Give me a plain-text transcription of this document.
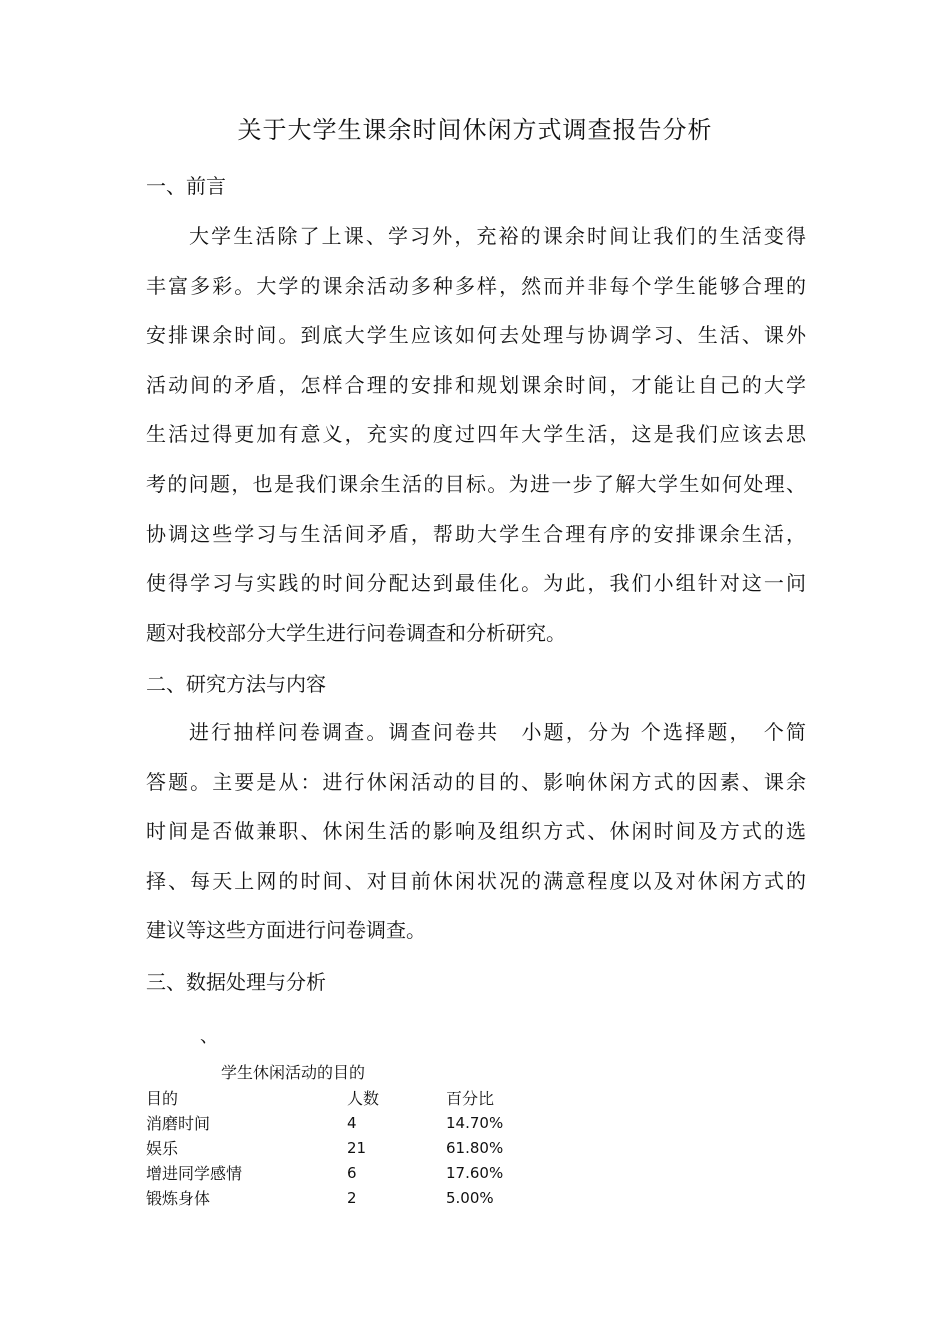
关于大学生课余时间休闲方式调查报告分析
一、前言
大学生活除了上课、学习外，充裕的课余时间让我们的生活变得
丰富多彩。大学的课余活动多种多样，然而并非每个学生能够合理的
安排课余时间。到底大学生应该如何去处理与协调学习、生活、课外
活动间的矛盾，怎样合理的安排和规划课余时间，才能让自己的大学
生活过得更加有意义，充实的度过四年大学生活，这是我们应该去思
考的问题，也是我们课余生活的目标。为进一步了解大学生如何处理、
协调这些学习与生活间矛盾，帮助大学生合理有序的安排课余生活，
使得学习与实践的时间分配达到最佳化。为此，我们小组针对这一问
题对我校部分大学生进行问卷调查和分析研究。
二、研究方法与内容
进行抽样问卷调查。调查问卷共　小题，分为 个选择题，　个简
答题。主要是从：进行休闲活动的目的、影响休闲方式的因素、课余
时间是否做兼职、休闲生活的影响及组织方式、休闲时间及方式的选
择、每天上网的时间、对目前休闲状况的满意程度以及对休闲方式的
建议等这些方面进行问卷调查。
三、数据处理与分析
、
学生休闲活动的目的
目的	人数	百分比
消磨时间	4	14.70%
娱乐	21	61.80%
增进同学感情	6	17.60%
锻炼身体	2	5.00%
